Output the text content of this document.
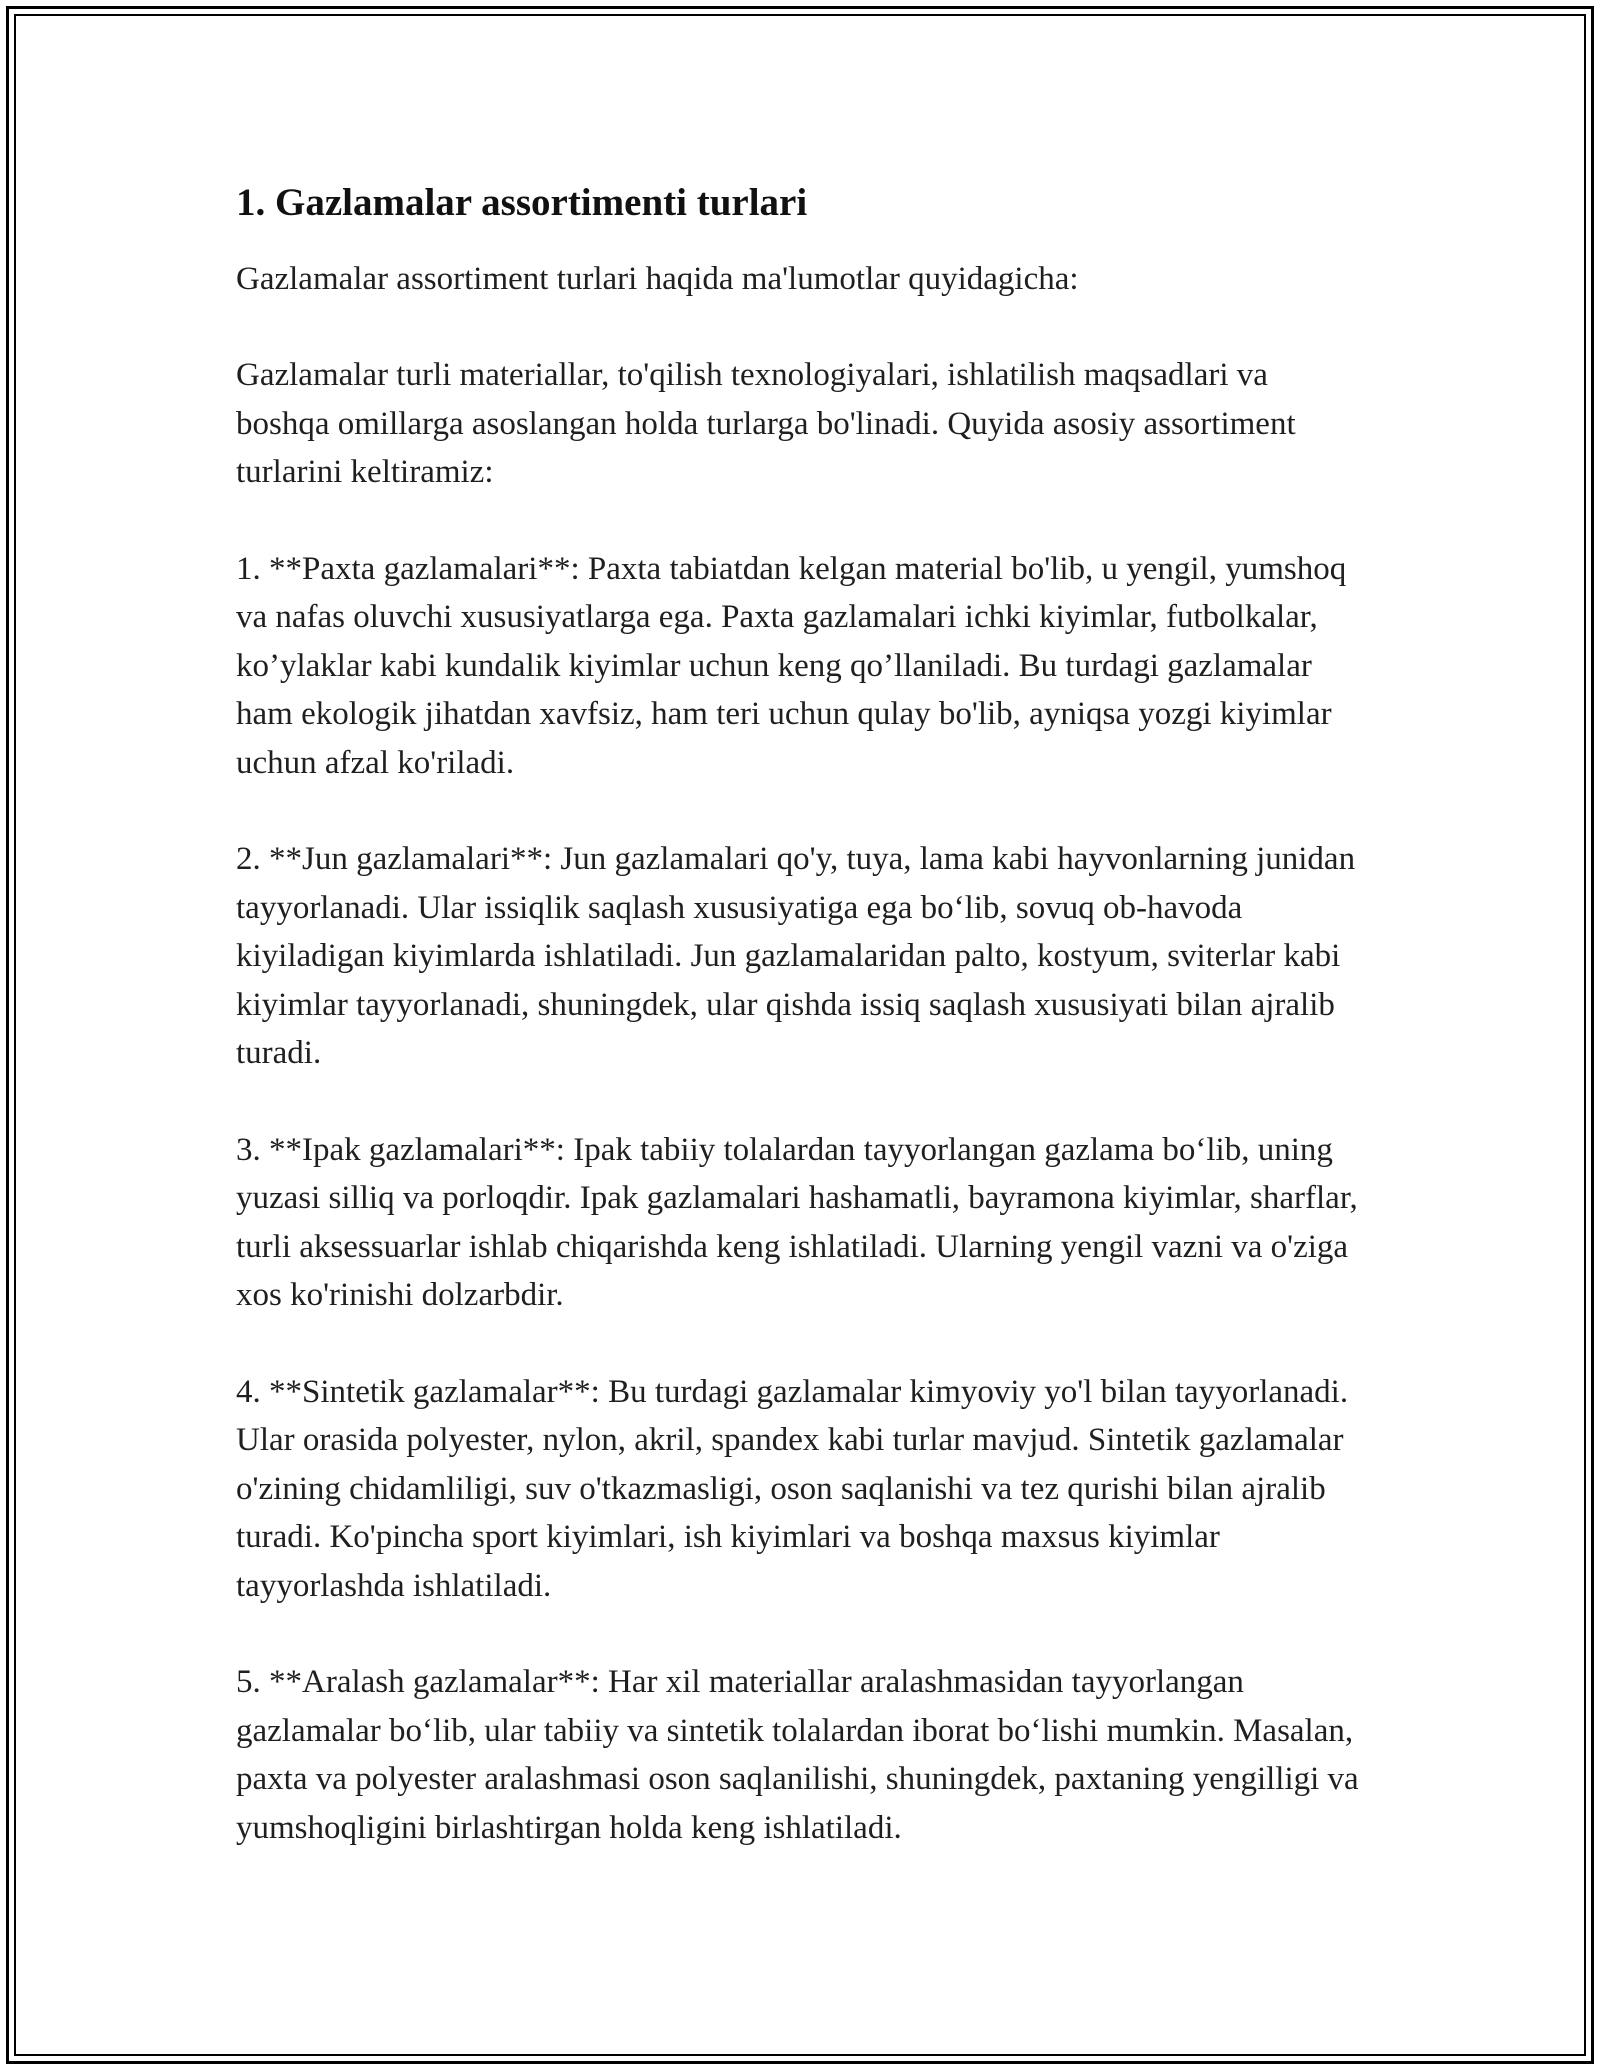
1. Gazlamalar assortimenti turlari

Gazlamalar assortiment turlari haqida ma'lumotlar quyidagicha:

Gazlamalar turli materiallar, to'qilish texnologiyalari, ishlatilish maqsadlari va boshqa omillarga asoslangan holda turlarga bo'linadi. Quyida asosiy assortiment turlarini keltiramiz:

1. **Paxta gazlamalari**: Paxta tabiatdan kelgan material bo'lib, u yengil, yumshoq va nafas oluvchi xususiyatlarga ega. Paxta gazlamalari ichki kiyimlar, futbolkalar, ko’ylaklar kabi kundalik kiyimlar uchun keng qo’llaniladi. Bu turdagi gazlamalar ham ekologik jihatdan xavfsiz, ham teri uchun qulay bo'lib, ayniqsa yozgi kiyimlar uchun afzal ko'riladi.

2. **Jun gazlamalari**: Jun gazlamalari qo'y, tuya, lama kabi hayvonlarning junidan tayyorlanadi. Ular issiqlik saqlash xususiyatiga ega bo‘lib, sovuq ob-havoda kiyiladigan kiyimlarda ishlatiladi. Jun gazlamalaridan palto, kostyum, sviterlar kabi kiyimlar tayyorlanadi, shuningdek, ular qishda issiq saqlash xususiyati bilan ajralib turadi.

3. **Ipak gazlamalari**: Ipak tabiiy tolalardan tayyorlangan gazlama bo‘lib, uning yuzasi silliq va porloqdir. Ipak gazlamalari hashamatli, bayramona kiyimlar, sharflar, turli aksessuarlar ishlab chiqarishda keng ishlatiladi. Ularning yengil vazni va o'ziga xos ko'rinishi dolzarbdir.

4. **Sintetik gazlamalar**: Bu turdagi gazlamalar kimyoviy yo'l bilan tayyorlanadi. Ular orasida polyester, nylon, akril, spandex kabi turlar mavjud. Sintetik gazlamalar o'zining chidamliligi, suv o'tkazmasligi, oson saqlanishi va tez qurishi bilan ajralib turadi. Ko'pincha sport kiyimlari, ish kiyimlari va boshqa maxsus kiyimlar tayyorlashda ishlatiladi.

5. **Aralash gazlamalar**: Har xil materiallar aralashmasidan tayyorlangan gazlamalar bo‘lib, ular tabiiy va sintetik tolalardan iborat bo‘lishi mumkin. Masalan, paxta va polyester aralashmasi oson saqlanilishi, shuningdek, paxtaning yengilligi va yumshoqligini birlashtirgan holda keng ishlatiladi.
